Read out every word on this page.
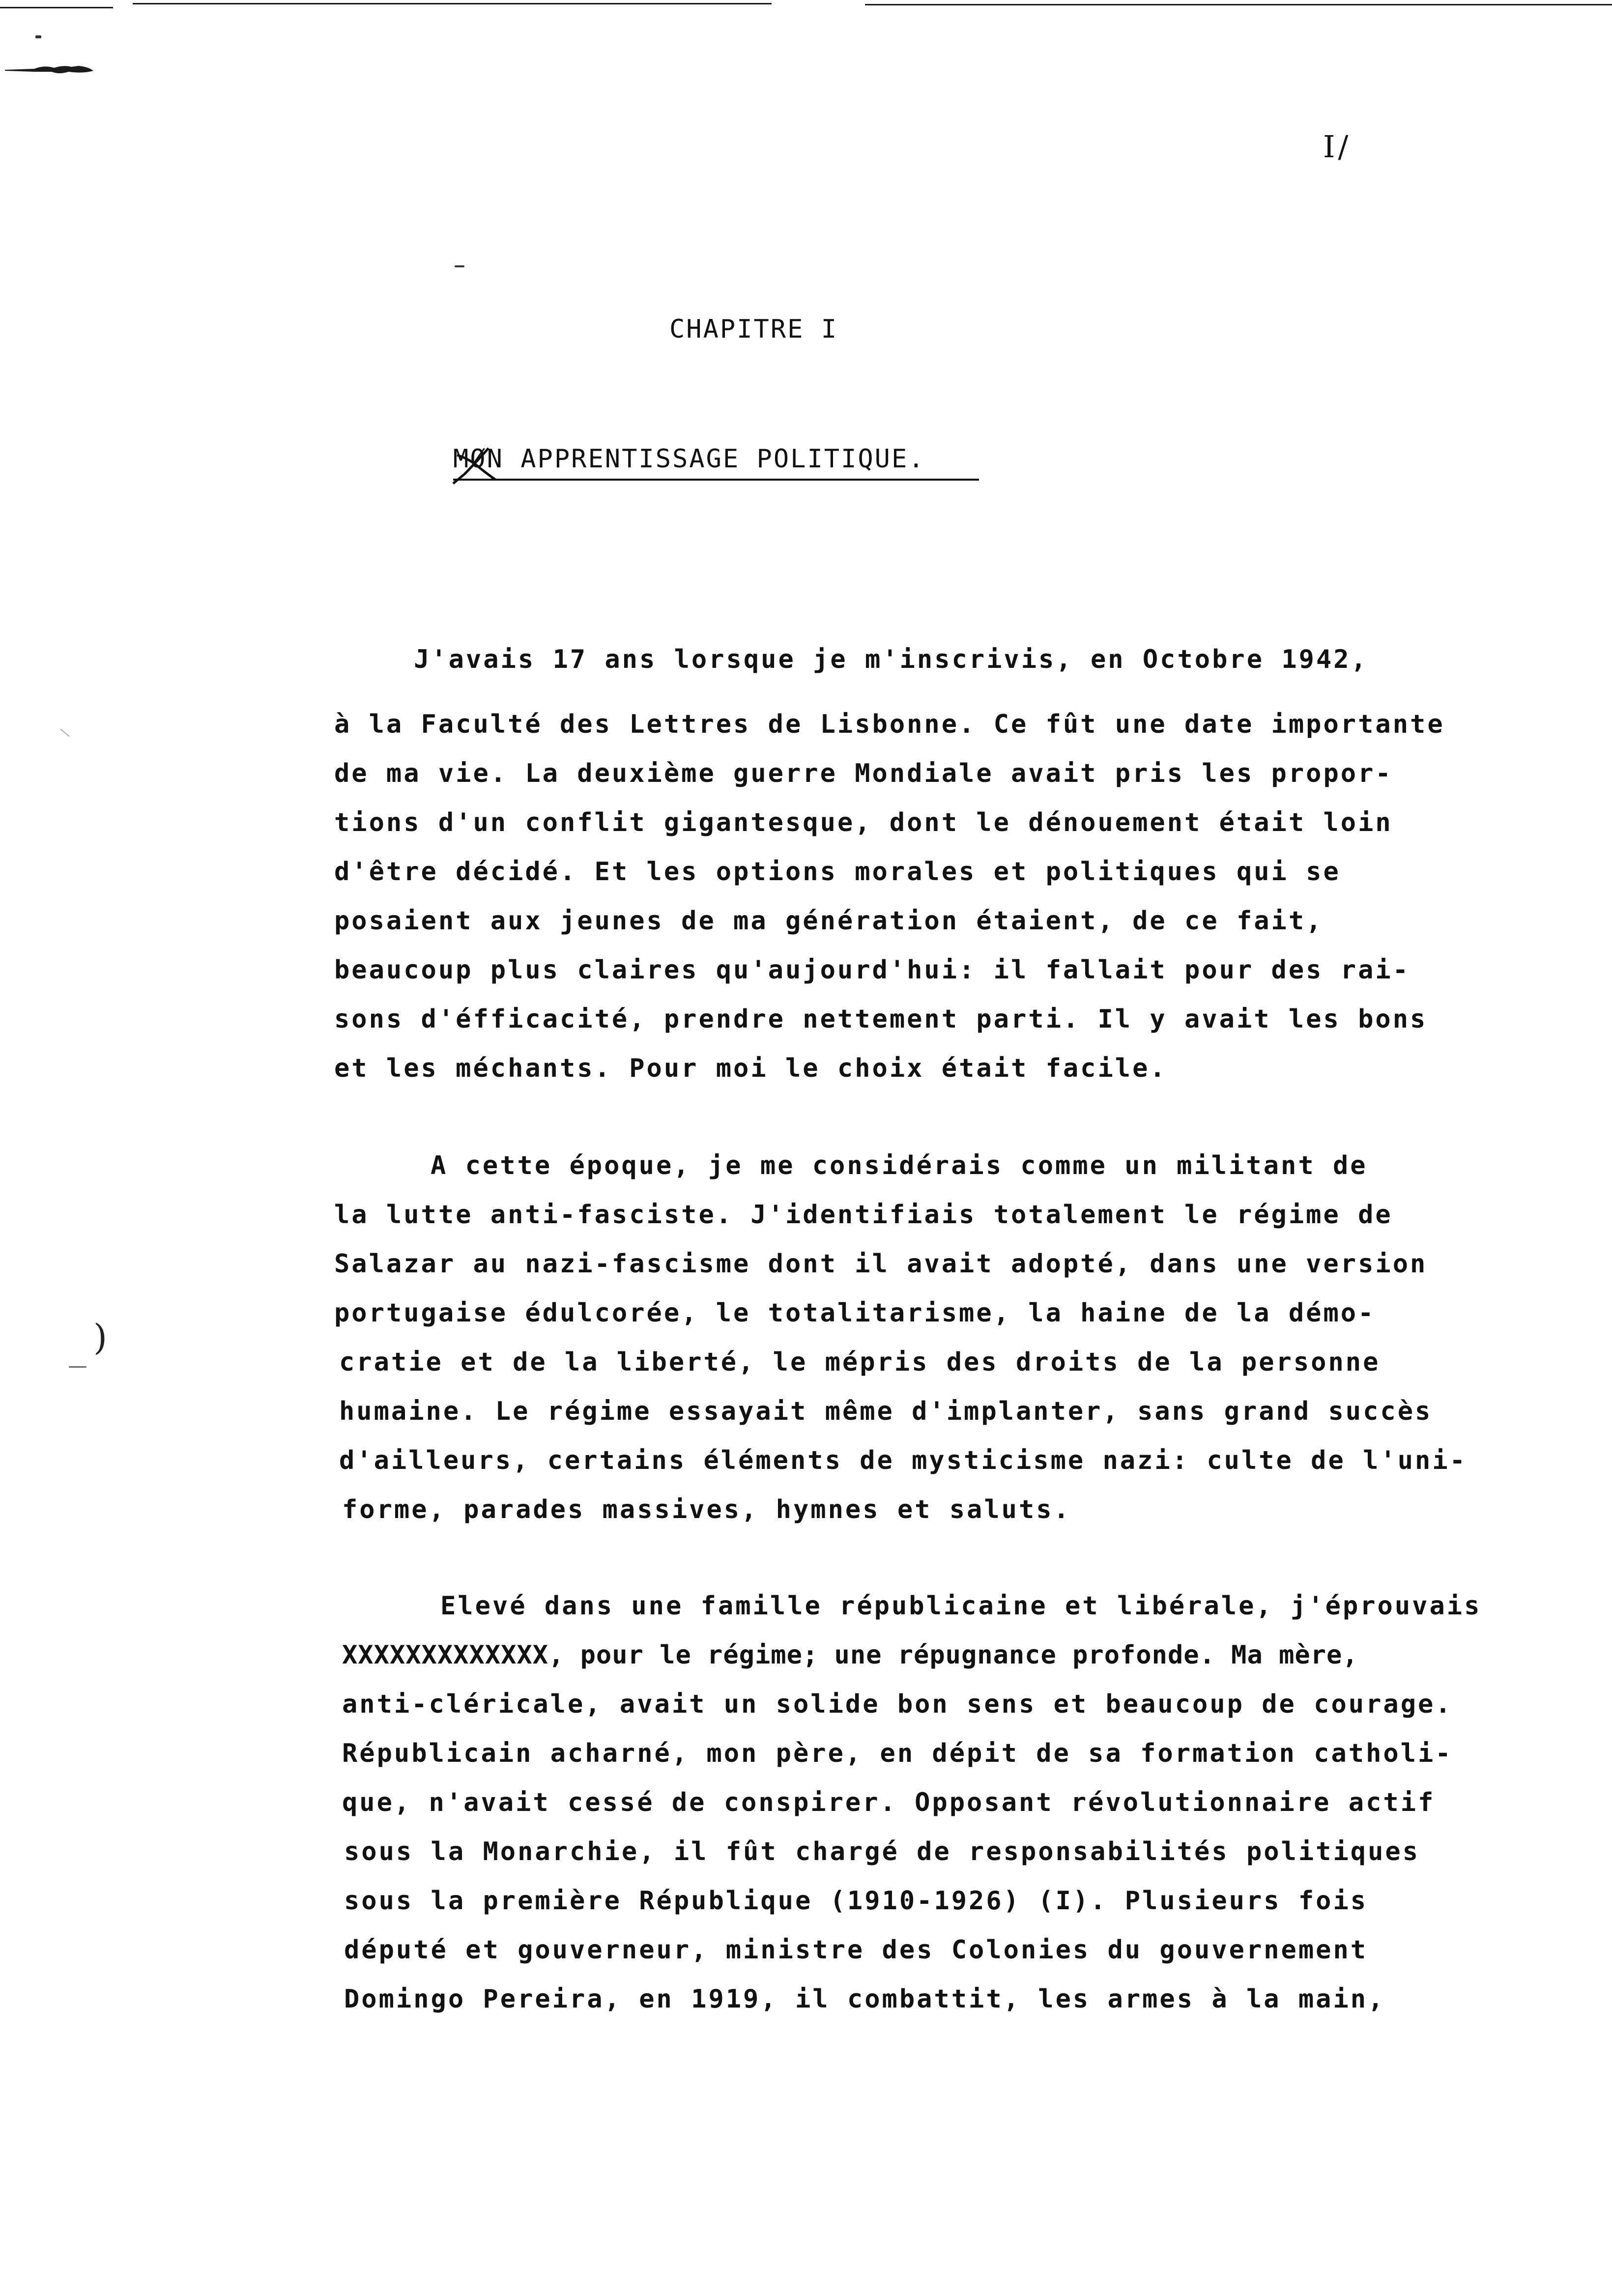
)
I/
CHAPITRE I
MØ
N APPRENTISSAGE POLITIQUE.
J'avais 17 ans lorsque je m'inscrivis, en Octobre 1942,
à la Faculté des Lettres de Lisbonne. Ce fût une date importante
de ma vie. La deuxième guerre Mondiale avait pris les propor-
tions d'un conflit gigantesque, dont le dénouement était loin
d'être décidé. Et les options morales et politiques qui se
posaient aux jeunes de ma génération étaient, de ce fait,
beaucoup plus claires qu'aujourd'hui: il fallait pour des rai-
sons d'éfficacité, prendre nettement parti. Il y avait les bons
et les méchants. Pour moi le choix était facile.
A cette époque, je me considérais comme un militant de
la lutte anti-fasciste. J'identifiais totalement le régime de
Salazar au nazi-fascisme dont il avait adopté, dans une version
portugaise édulcorée, le totalitarisme, la haine de la démo-
cratie et de la liberté, le mépris des droits de la personne
humaine. Le régime essayait même d'implanter, sans grand succès
d'ailleurs, certains éléments de mysticisme nazi: culte de l'uni-
forme, parades massives, hymnes et saluts.
Elevé dans une famille républicaine et libérale, j'éprouvais
XXXXXXXXXXXXX, pour le régime; une répugnance profonde. Ma mère,
anti-cléricale, avait un solide bon sens et beaucoup de courage.
Républicain acharné, mon père, en dépit de sa formation catholi-
que, n'avait cessé de conspirer. Opposant révolutionnaire actif
sous la Monarchie, il fût chargé de responsabilités politiques
sous la première République (1910-1926) (I). Plusieurs fois
député et gouverneur, ministre des Colonies du gouvernement
Domingo Pereira, en 1919, il combattit, les armes à la main,
